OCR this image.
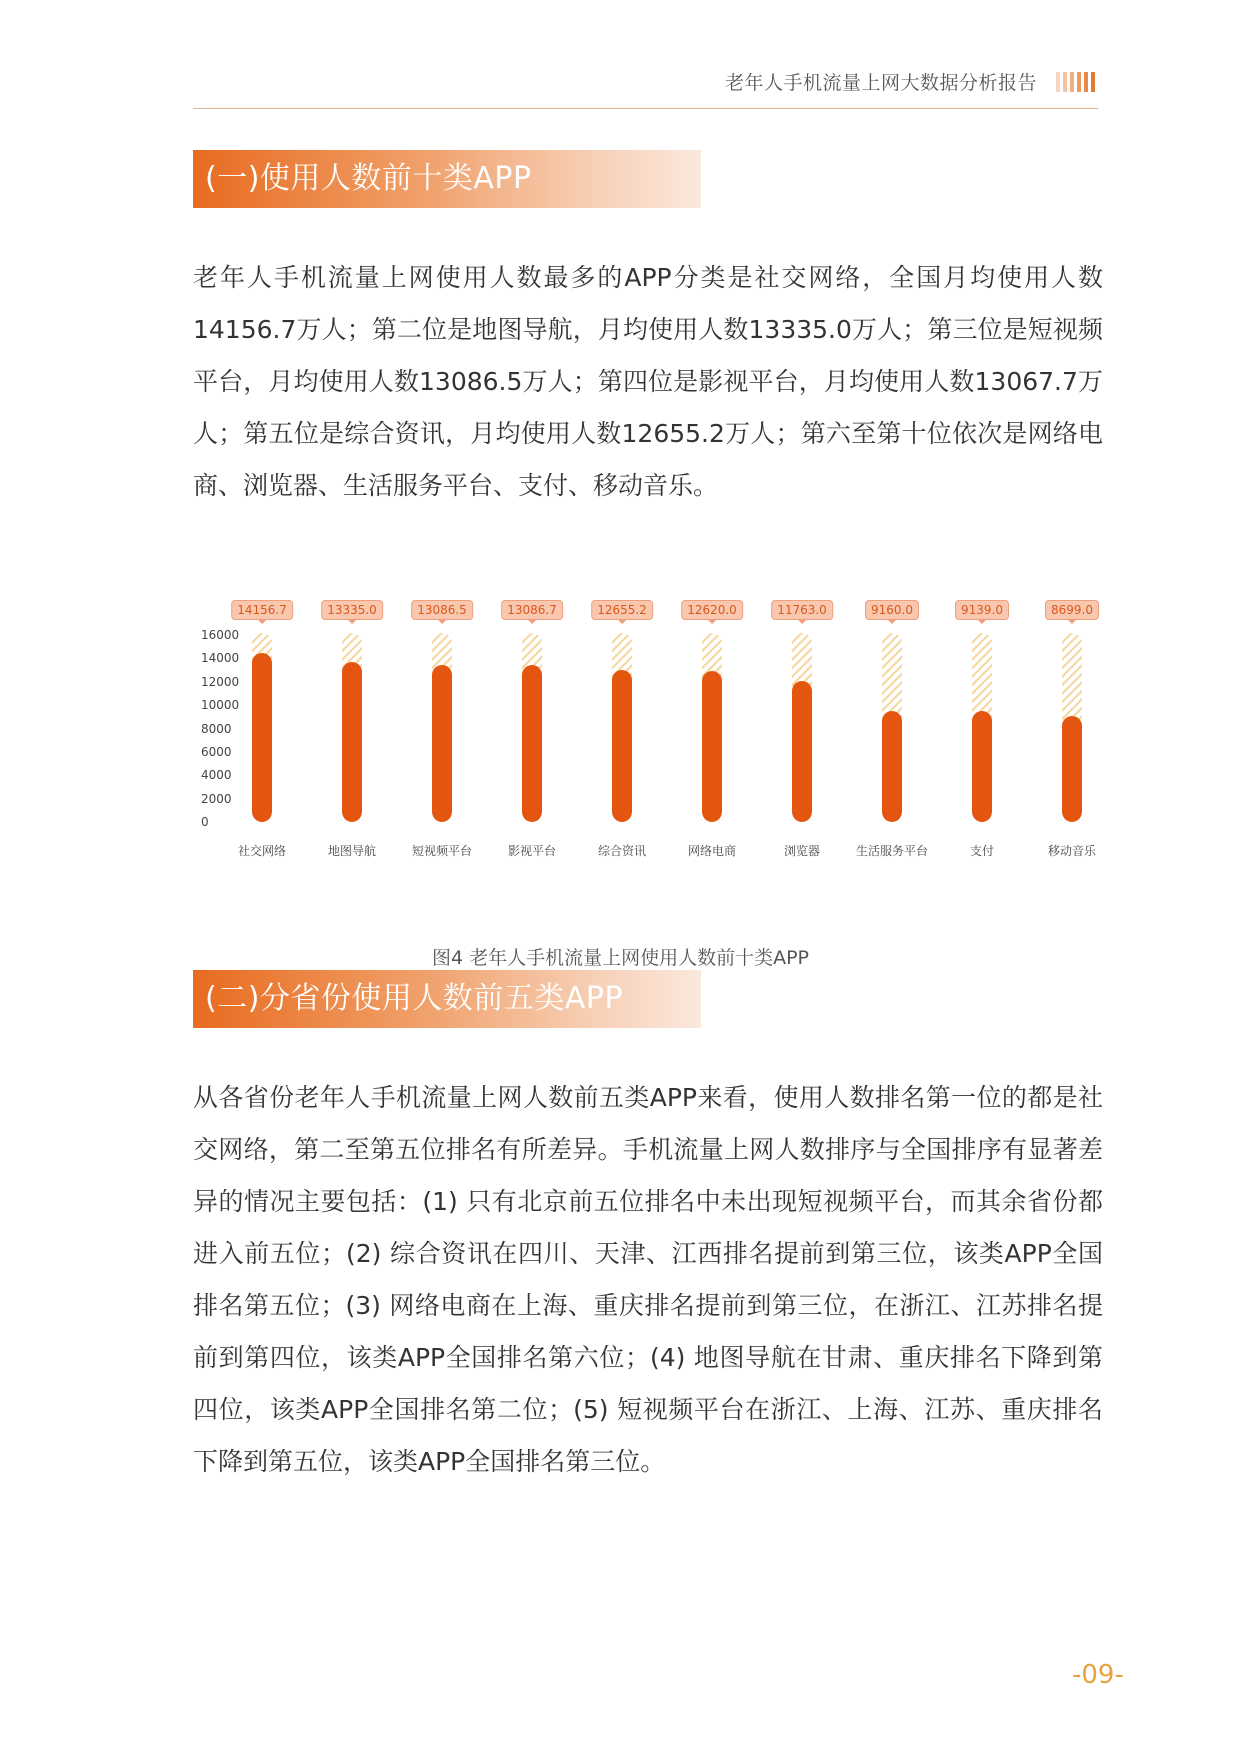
老年人手机流量上网大数据分析报告
(一)使用人数前十类APP
老年人手机流量上网使用人数最多的APP分类是社交网络，全国月均使用人数14156.7万人；第二位是地图导航，月均使用人数13335.0万人；第三位是短视频平台，月均使用人数13086.5万人；第四位是影视平台，月均使用人数13067.7万人；第五位是综合资讯，月均使用人数12655.2万人；第六至第十位依次是网络电商、浏览器、生活服务平台、支付、移动音乐。
16000
14000
12000
10000
8000
6000
4000
2000
0
14156.7
社交网络
13335.0
地图导航
13086.5
短视频平台
13086.7
影视平台
12655.2
综合资讯
12620.0
网络电商
11763.0
浏览器
9160.0
生活服务平台
9139.0
支付
8699.0
移动音乐
图4 老年人手机流量上网使用人数前十类APP
(二)分省份使用人数前五类APP
从各省份老年人手机流量上网人数前五类APP来看，使用人数排名第一位的都是社交网络，第二至第五位排名有所差异。手机流量上网人数排序与全国排序有显著差异的情况主要包括：(1) 只有北京前五位排名中未出现短视频平台，而其余省份都进入前五位；(2) 综合资讯在四川、天津、江西排名提前到第三位，该类APP全国排名第五位；(3) 网络电商在上海、重庆排名提前到第三位，在浙江、江苏排名提前到第四位，该类APP全国排名第六位；(4) 地图导航在甘肃、重庆排名下降到第四位，该类APP全国排名第二位；(5) 短视频平台在浙江、上海、江苏、重庆排名下降到第五位，该类APP全国排名第三位。
-09-
